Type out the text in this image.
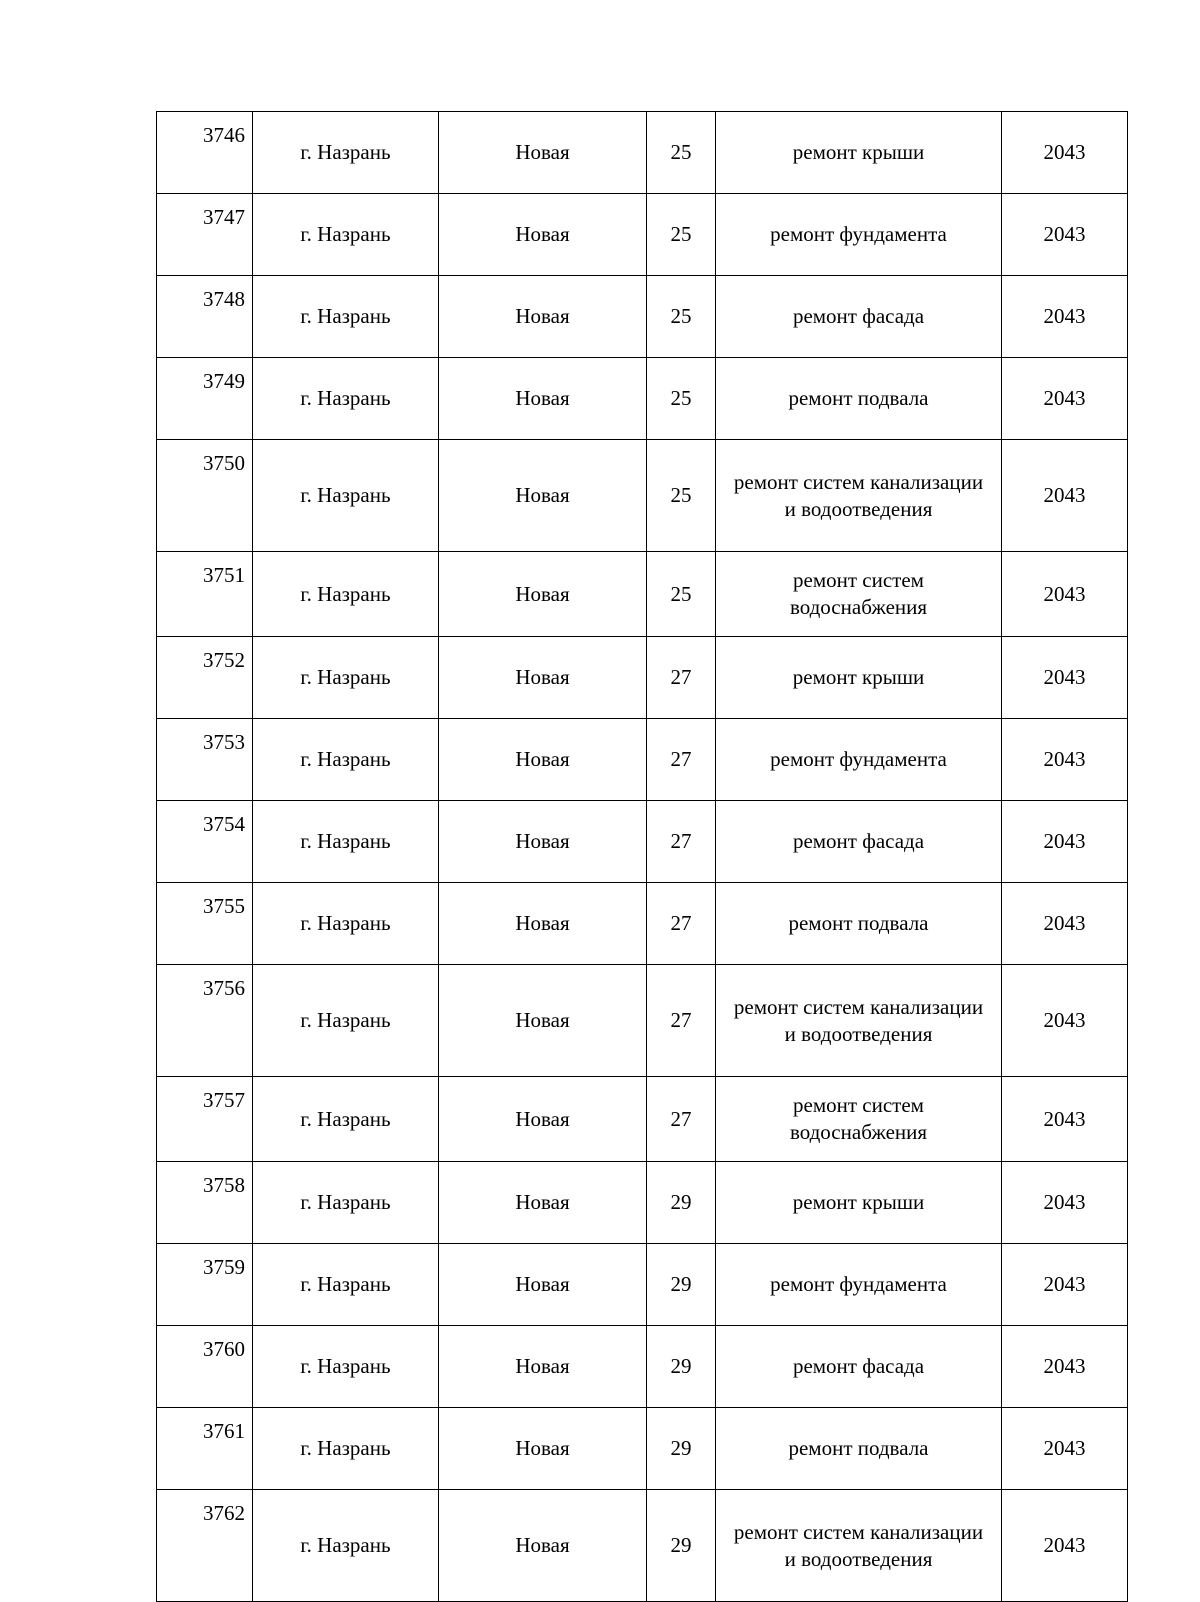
3746	г. Назрань	Новая	25	ремонт крыши	2043
3747	г. Назрань	Новая	25	ремонт фундамента	2043
3748	г. Назрань	Новая	25	ремонт фасада	2043
3749	г. Назрань	Новая	25	ремонт подвала	2043
3750	г. Назрань	Новая	25	ремонт систем канализации и водоотведения	2043
3751	г. Назрань	Новая	25	ремонт систем водоснабжения	2043
3752	г. Назрань	Новая	27	ремонт крыши	2043
3753	г. Назрань	Новая	27	ремонт фундамента	2043
3754	г. Назрань	Новая	27	ремонт фасада	2043
3755	г. Назрань	Новая	27	ремонт подвала	2043
3756	г. Назрань	Новая	27	ремонт систем канализации и водоотведения	2043
3757	г. Назрань	Новая	27	ремонт систем водоснабжения	2043
3758	г. Назрань	Новая	29	ремонт крыши	2043
3759	г. Назрань	Новая	29	ремонт фундамента	2043
3760	г. Назрань	Новая	29	ремонт фасада	2043
3761	г. Назрань	Новая	29	ремонт подвала	2043
3762	г. Назрань	Новая	29	ремонт систем канализации и водоотведения	2043
